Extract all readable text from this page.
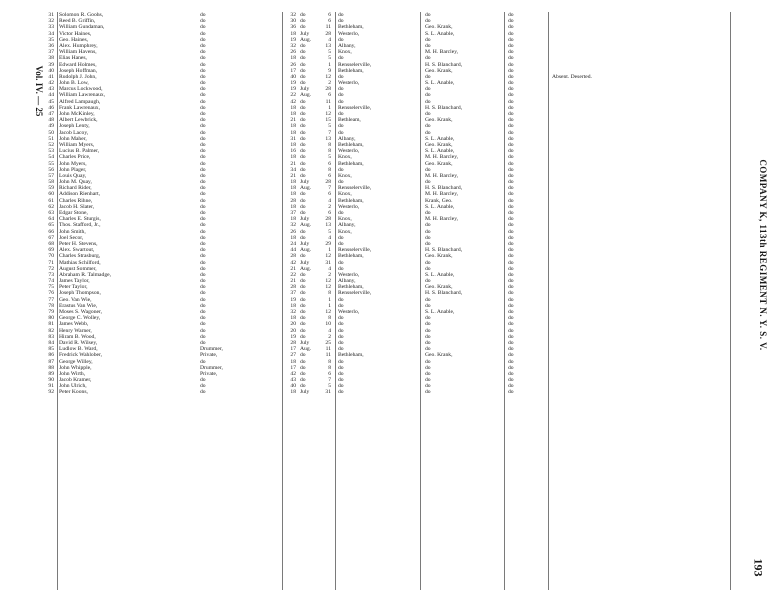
Vol. IV. — 25
COMPANY K, 113th REGIMENT N. Y. S. V.
193
31 Solomon R. Goohs,	do	32 do	6 do	do	do
32 Reed B. Griffin,	do	30 do	6 do	do	do
33 William Gundaman,	do	36 do	11 Bethleham,	Geo. Krank,	do
34 Victor Haines,	do	18 July	28 Westerlo,	S. L. Anable,	do
35 Geo. Haines,	do	19 Aug.	4 do	do	do
36 Alex. Humphrey,	do	32 do	13 Albany,	do	do
37 William Havens,	do	26 do	5 Knox,	M. H. Barcley,	do
38 Elias Hanes,	do	18 do	5 do	do	do
39 Edward Holmes,	do	26 do	1 Rensselerville,	H. S. Blanchard,	do
40 Joseph Hoffman,	do	17 do	9 Bethleham,	Geo. Krank,	do
41 Rudolph J. John,	do	40 do	12 do	do	do	Absent. Deserted.
42 John B. Low,	do	19 do	2 Westerlo,	S. L. Anable,	do
43 Marcus Lockwood,	do	19 July	28 do	do	do
44 William Lawrenaux,	do	22 Aug.	6 do	do	do
45 Alfred Lampaugh,	do	42 do	11 do	do	do
46 Frank Lawrenaux,	do	18 do	1 Rensselerville,	H. S. Blanchard,	do
47 John McKinley,	do	18 do	12 do	do	do
48 Albert Lewbrick,	do	21 do	15 Bethleam,	Geo. Krank,	do
49 Joseph Lenty,	do	18 do	5 do	do	do
50 Jacob Lacoy,	do	18 do	7 do	do	do
51 John Maher,	do	31 do	13 Albany,	S. L. Anable,	do
52 William Myers,	do	18 do	8 Bethleham,	Geo. Krank,	do
53 Lucius B. Palmer,	do	16 do	8 Westerlo,	S. L. Anable,	do
54 Charles Price,	do	18 do	5 Knox,	M. H. Barcley,	do
55 John Myers,	do	21 do	6 Bethleham,	Geo. Krank,	do
56 John Plager,	do	34 do	8 do	do	do
57 Louis Quay,	do	21 do	6 Knox,	M. H. Barcley,	do
58 John M. Quay,	do	18 July	28 do	do	do
59 Richard Rider,	do	18 Aug.	7 Rensselerville,	H. S. Blanchard,	do
60 Addison Rienhart,	do	18 do	6 Knox,	M. H. Barcley,	do
61 Charles Rihne,	do	28 do	4 Bethleham,	Krank, Geo.	do
62 Jacob H. Slater,	do	18 do	2 Westerlo,	S. L. Anable,	do
63 Edgar Stone,	do	37 do	6 do	do	do
64 Charles E. Sturgis,	do	18 July	28 Knox,	M. H. Barcley,	do
65 Thos. Stafford, Jr.,	do	32 Aug.	13 Albany,	do	do
66 John Smith,	do	26 do	5 Knox,	do	do
67 Joel Secor,	do	18 do	4 do	do	do
68 Peter H. Stevens,	do	24 July	29 do	do	do
69 Alex. Swartout,	do	44 Aug.	1 Rensselerville,	H. S. Blanchard,	do
70 Charles Strasburg,	do	28 do	12 Bethleham,	Geo. Krank,	do
71 Mathias Schilford,	do	42 July	31 do	do	do
72 August Sommer,	do	21 Aug.	4 do	do	do
73 Abraham R. Talmadge,	do	22 do	2 Westerlo,	S. L. Anable,	do
74 James Taylor,	do	21 do	12 Albany,	do	do
75 Peter Taylor,	do	28 do	12 Bethleham,	Geo. Krank,	do
76 Joseph Thompson,	do	37 do	8 Rensselerville,	H. S. Blanchard,	do
77 Geo. Van Wie,	do	19 do	1 do	do	do
78 Erastus Van Wie,	do	18 do	1 do	do	do
79 Moses S. Wagoner,	do	32 do	12 Westerlo,	S. L. Anable,	do
80 George C. Wolley,	do	18 do	8 do	do	do
81 James Webb,	do	20 do	10 do	do	do
82 Henry Warner,	do	20 do	4 do	do	do
83 Hiram B. Wood,	do	19 do	2 do	do	do
84 David R. Wilsey,	do	28 July	25 do	do	do
85 Ludlow B. Ward,	Drummer,	17 Aug.	11 do	do	do
86 Fredrick Wahlober,	Private,	27 do	11 Bethleham,	Geo. Krank,	do
87 George Willey,	do	18 do	8 do	do	do
88 John Whipple,	Drummer,	17 do	8 do	do	do
89 John Wirth,	Private,	42 do	6 do	do	do
90 Jacob Kramer,	do	43 do	7 do	do	do
91 John Ulrich,	do	40 do	5 do	do	do
92 Peter Koons,	do	18 July	31 do	do	do
